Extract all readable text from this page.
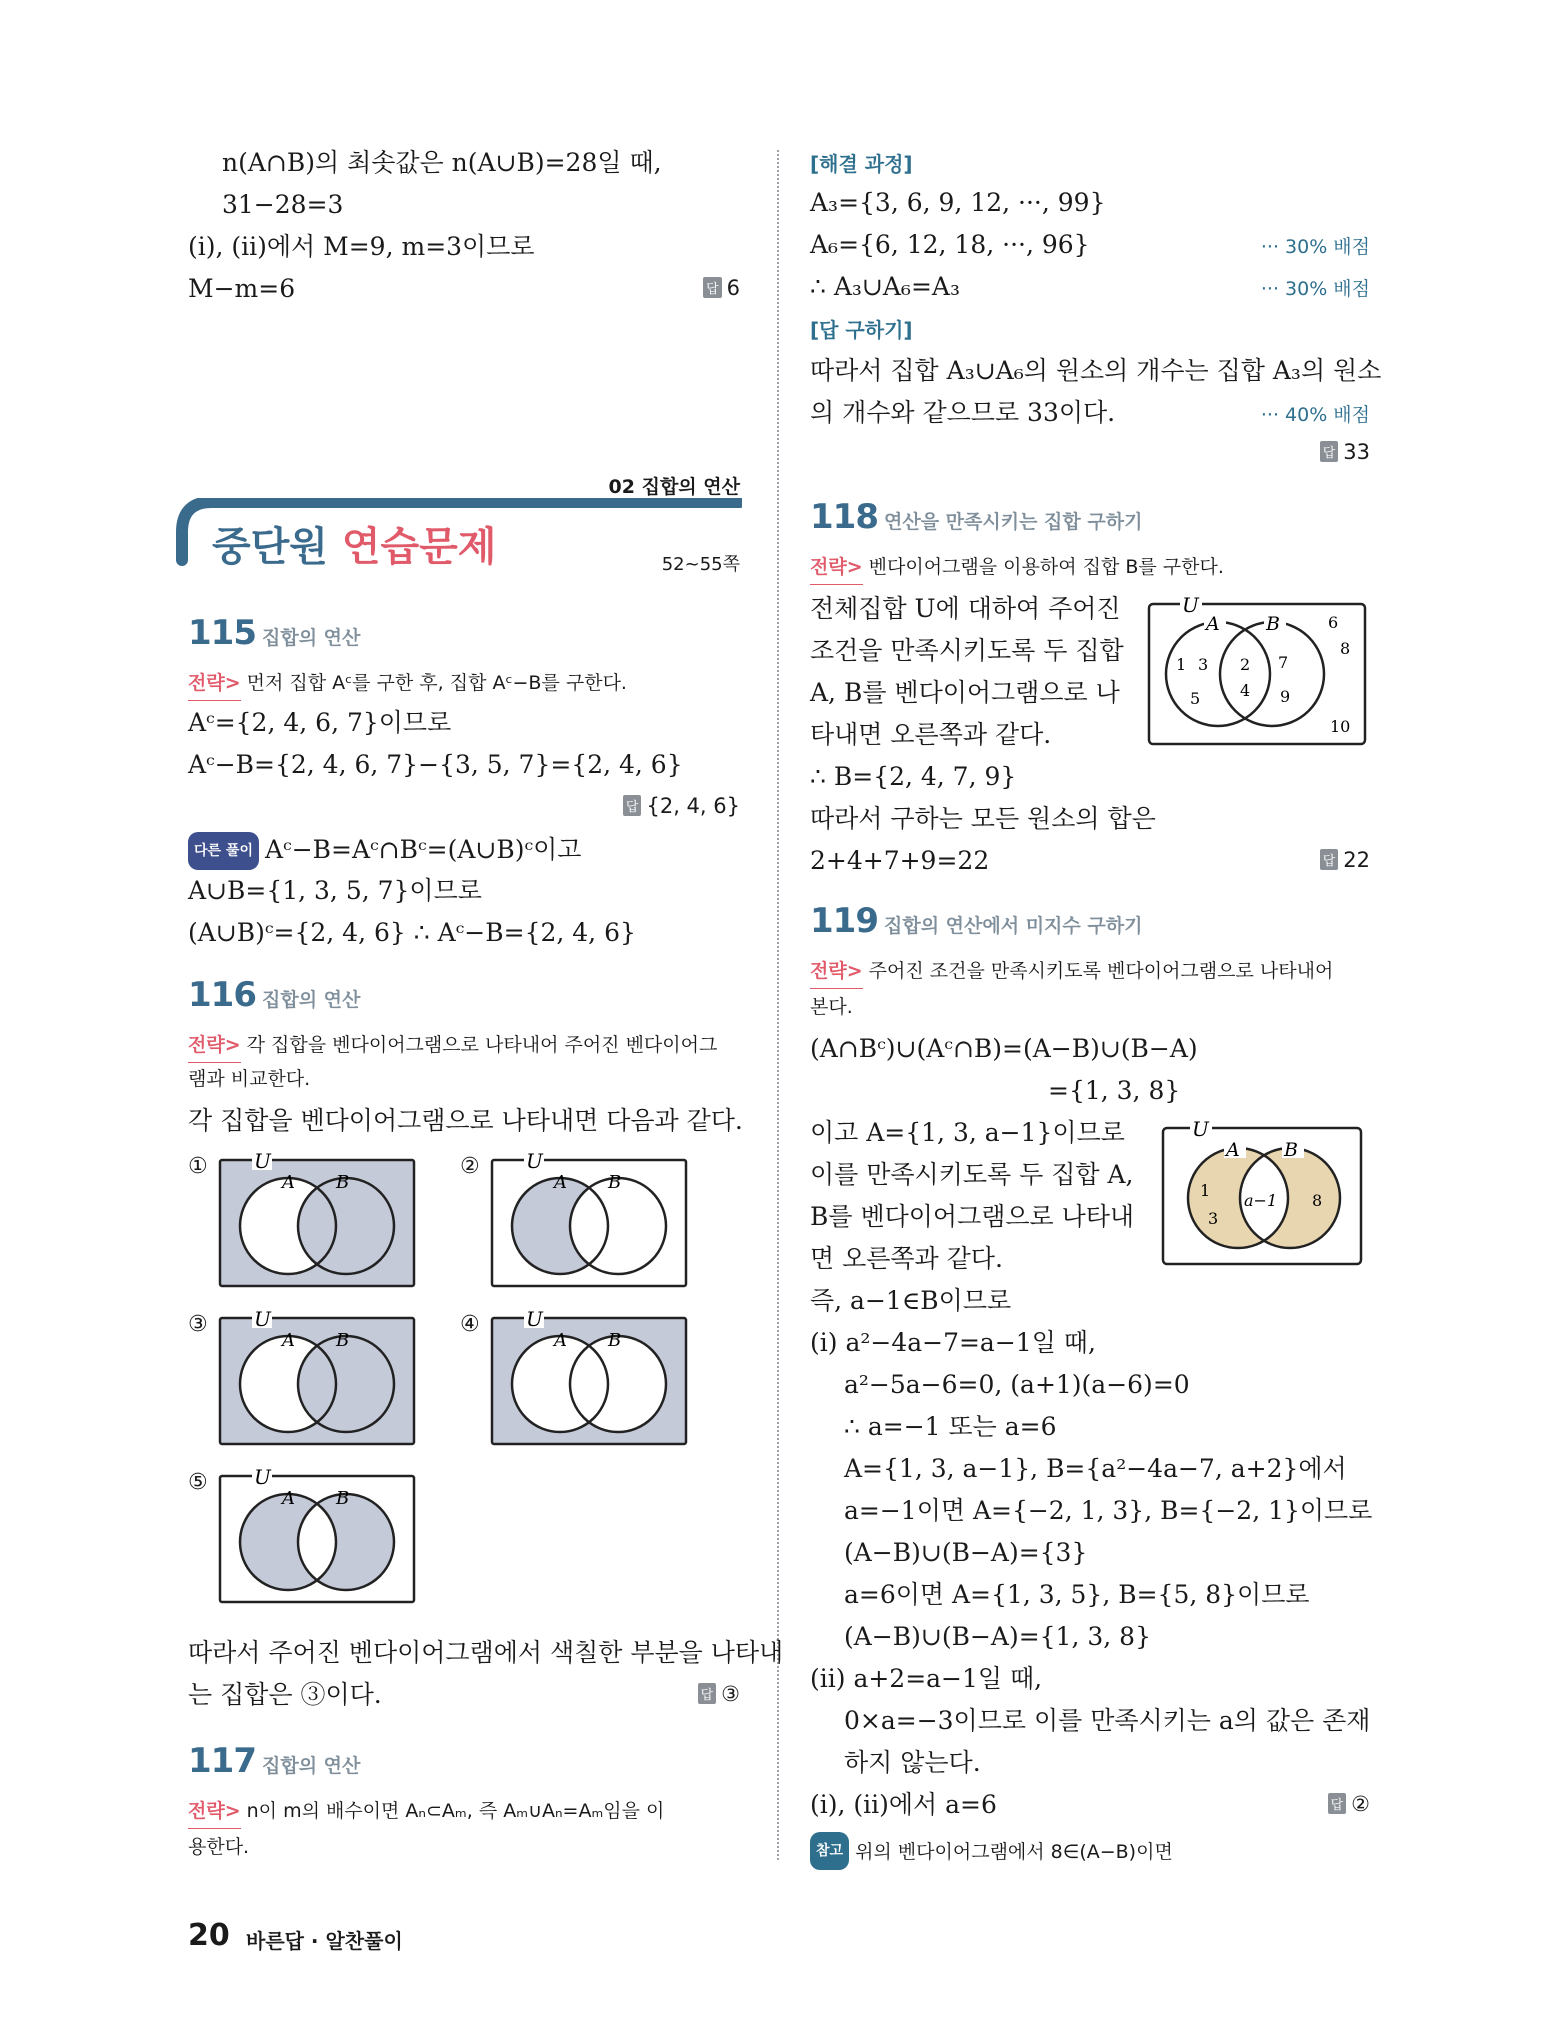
n(A∩B)의 최솟값은 n(A∪B)=28일 때,
31−28=3
(i), (ii)에서 M=9, m=3이므로
M−m=6	답 6
02 집합의 연산
중단원 연습문제	52~55쪽
115 집합의 연산
전략> 먼저 집합 Aᶜ를 구한 후, 집합 Aᶜ−B를 구한다.
Aᶜ={2, 4, 6, 7}이므로
Aᶜ−B={2, 4, 6, 7}−{3, 5, 7}={2, 4, 6}
답 {2, 4, 6}
다른 풀이 Aᶜ−B=Aᶜ∩Bᶜ=(A∪B)ᶜ이고
A∪B={1, 3, 5, 7}이므로
(A∪B)ᶜ={2, 4, 6} ∴ Aᶜ−B={2, 4, 6}
116 집합의 연산
전략> 각 집합을 벤다이어그램으로 나타내어 주어진 벤다이어그
램과 비교한다.
각 집합을 벤다이어그램으로 나타내면 다음과 같다.
① U
A B
② U
A B
③ U
A B
④ U
A B
⑤ U
A B
따라서 주어진 벤다이어그램에서 색칠한 부분을 나타내
는 집합은 ③이다.	답 ③
117 집합의 연산
전략> n이 m의 배수이면 Aₙ⊂Aₘ, 즉 Aₘ∪Aₙ=Aₘ임을 이
용한다.
20 바른답 · 알찬풀이
[해결 과정]
A₃={3, 6, 9, 12, ···, 99}
A₆={6, 12, 18, ···, 96}	··· 30% 배점
∴ A₃∪A₆=A₃	··· 30% 배점
[답 구하기]
따라서 집합 A₃∪A₆의 원소의 개수는 집합 A₃의 원소
의 개수와 같으므로 33이다.	··· 40% 배점
답 33
118 연산을 만족시키는 집합 구하기
전략> 벤다이어그램을 이용하여 집합 B를 구한다.
전체집합 U에 대하여 주어진
조건을 만족시키도록 두 집합
A, B를 벤다이어그램으로 나
타내면 오른쪽과 같다.
∴ B={2, 4, 7, 9}
따라서 구하는 모든 원소의 합은
2+4+7+9=22	답 22
U
A B
1 3
5
2
4
7
9
6
8
10
119 집합의 연산에서 미지수 구하기
전략> 주어진 조건을 만족시키도록 벤다이어그램으로 나타내어
본다.
(A∩Bᶜ)∪(Aᶜ∩B)=(A−B)∪(B−A)
={1, 3, 8}
이고 A={1, 3, a−1}이므로
이를 만족시키도록 두 집합 A,
B를 벤다이어그램으로 나타내
면 오른쪽과 같다.
즉, a−1∈B이므로
(i) a²−4a−7=a−1일 때,
a²−5a−6=0, (a+1)(a−6)=0
∴ a=−1 또는 a=6
A={1, 3, a−1}, B={a²−4a−7, a+2}에서
a=−1이면 A={−2, 1, 3}, B={−2, 1}이므로
(A−B)∪(B−A)={3}
a=6이면 A={1, 3, 5}, B={5, 8}이므로
(A−B)∪(B−A)={1, 3, 8}
(ii) a+2=a−1일 때,
0×a=−3이므로 이를 만족시키는 a의 값은 존재
하지 않는다.
(i), (ii)에서 a=6	답 ②
참고 위의 벤다이어그램에서 8∈(A−B)이면
U
A B
1
3
a−1 8
